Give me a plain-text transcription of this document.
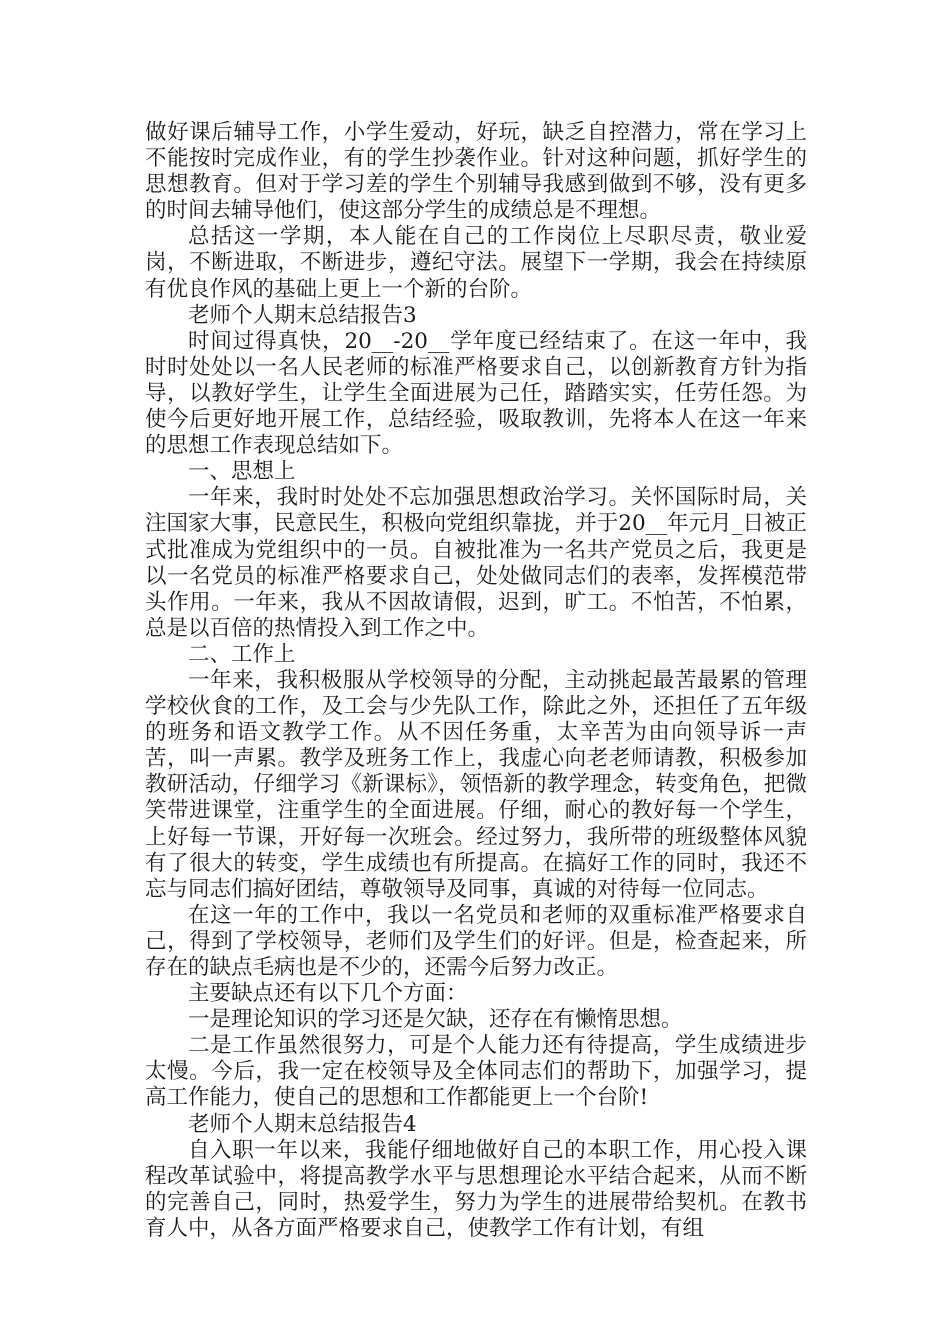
做好课后辅导工作，小学生爱动，好玩，缺乏自控潜力，常在学习上不能按时完成作业，有的学生抄袭作业。针对这种问题，抓好学生的思想教育。但对于学习差的学生个别辅导我感到做到不够，没有更多的时间去辅导他们，使这部分学生的成绩总是不理想。

总括这一学期，本人能在自己的工作岗位上尽职尽责，敬业爱岗，不断进取，不断进步，遵纪守法。展望下一学期，我会在持续原有优良作风的基础上更上一个新的台阶。

老师个人期末总结报告3

时间过得真快，20__-20__学年度已经结束了。在这一年中，我时时处处以一名人民老师的标准严格要求自己，以创新教育方针为指导，以教好学生，让学生全面进展为己任，踏踏实实，任劳任怨。为使今后更好地开展工作，总结经验，吸取教训，先将本人在这一年来的思想工作表现总结如下。

一、思想上

一年来，我时时处处不忘加强思想政治学习。关怀国际时局，关注国家大事，民意民生，积极向党组织靠拢，并于20__年元月_日被正式批准成为党组织中的一员。自被批准为一名共产党员之后，我更是以一名党员的标准严格要求自己，处处做同志们的表率，发挥模范带头作用。一年来，我从不因故请假，迟到，旷工。不怕苦，不怕累，总是以百倍的热情投入到工作之中。

二、工作上

一年来，我积极服从学校领导的分配，主动挑起最苦最累的管理学校伙食的工作，及工会与少先队工作，除此之外，还担任了五年级的班务和语文教学工作。从不因任务重，太辛苦为由向领导诉一声苦，叫一声累。教学及班务工作上，我虚心向老老师请教，积极参加教研活动，仔细学习《新课标》，领悟新的教学理念，转变角色，把微笑带进课堂，注重学生的全面进展。仔细，耐心的教好每一个学生，上好每一节课，开好每一次班会。经过努力，我所带的班级整体风貌有了很大的转变，学生成绩也有所提高。在搞好工作的同时，我还不忘与同志们搞好团结，尊敬领导及同事，真诚的对待每一位同志。

在这一年的工作中，我以一名党员和老师的双重标准严格要求自己，得到了学校领导，老师们及学生们的好评。但是，检查起来，所存在的缺点毛病也是不少的，还需今后努力改正。

主要缺点还有以下几个方面：

一是理论知识的学习还是欠缺，还存在有懒惰思想。

二是工作虽然很努力，可是个人能力还有待提高，学生成绩进步太慢。今后，我一定在校领导及全体同志们的帮助下，加强学习，提高工作能力，使自己的思想和工作都能更上一个台阶!

老师个人期末总结报告4

自入职一年以来，我能仔细地做好自己的本职工作，用心投入课程改革试验中，将提高教学水平与思想理论水平结合起来，从而不断的完善自己，同时，热爱学生，努力为学生的进展带给契机。在教书育人中，从各方面严格要求自己，使教学工作有计划，有组
